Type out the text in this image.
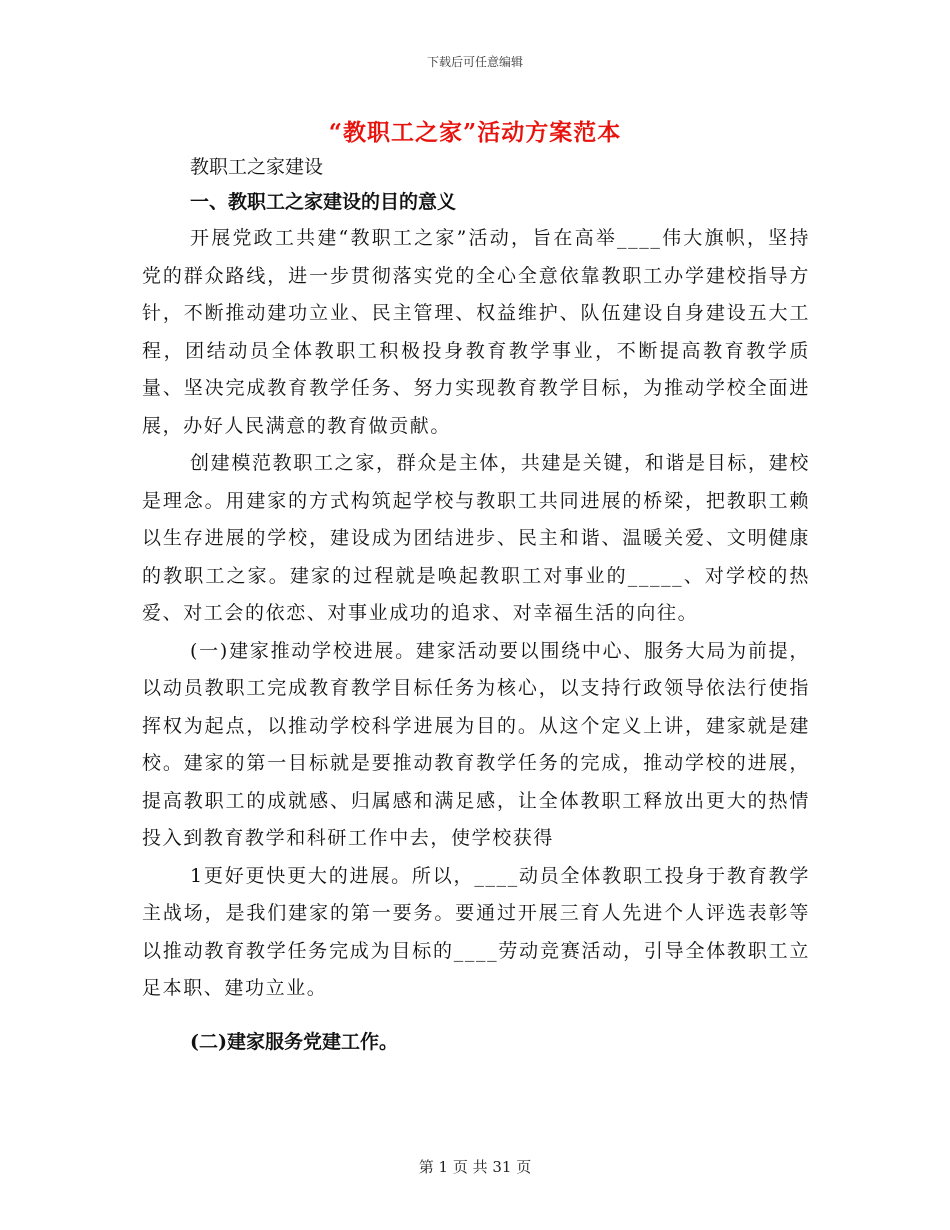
下载后可任意编辑
“教职工之家”活动方案范本

教职工之家建设

一、教职工之家建设的目的意义

开展党政工共建“教职工之家”活动，旨在高举____伟大旗帜，坚持党的群众路线，进一步贯彻落实党的全心全意依靠教职工办学建校指导方针，不断推动建功立业、民主管理、权益维护、队伍建设自身建设五大工程，团结动员全体教职工积极投身教育教学事业，不断提高教育教学质量、坚决完成教育教学任务、努力实现教育教学目标，为推动学校全面进展，办好人民满意的教育做贡献。

创建模范教职工之家，群众是主体，共建是关键，和谐是目标，建校是理念。用建家的方式构筑起学校与教职工共同进展的桥梁，把教职工赖以生存进展的学校，建设成为团结进步、民主和谐、温暖关爱、文明健康的教职工之家。建家的过程就是唤起教职工对事业的_____、对学校的热爱、对工会的依恋、对事业成功的追求、对幸福生活的向往。

(一)建家推动学校进展。建家活动要以围绕中心、服务大局为前提，以动员教职工完成教育教学目标任务为核心，以支持行政领导依法行使指挥权为起点，以推动学校科学进展为目的。从这个定义上讲，建家就是建校。建家的第一目标就是要推动教育教学任务的完成，推动学校的进展，提高教职工的成就感、归属感和满足感，让全体教职工释放出更大的热情投入到教育教学和科研工作中去，使学校获得

1更好更快更大的进展。所以，____动员全体教职工投身于教育教学主战场，是我们建家的第一要务。要通过开展三育人先进个人评选表彰等以推动教育教学任务完成为目标的____劳动竞赛活动，引导全体教职工立足本职、建功立业。

(二)建家服务党建工作。

第 1 页 共 31 页
